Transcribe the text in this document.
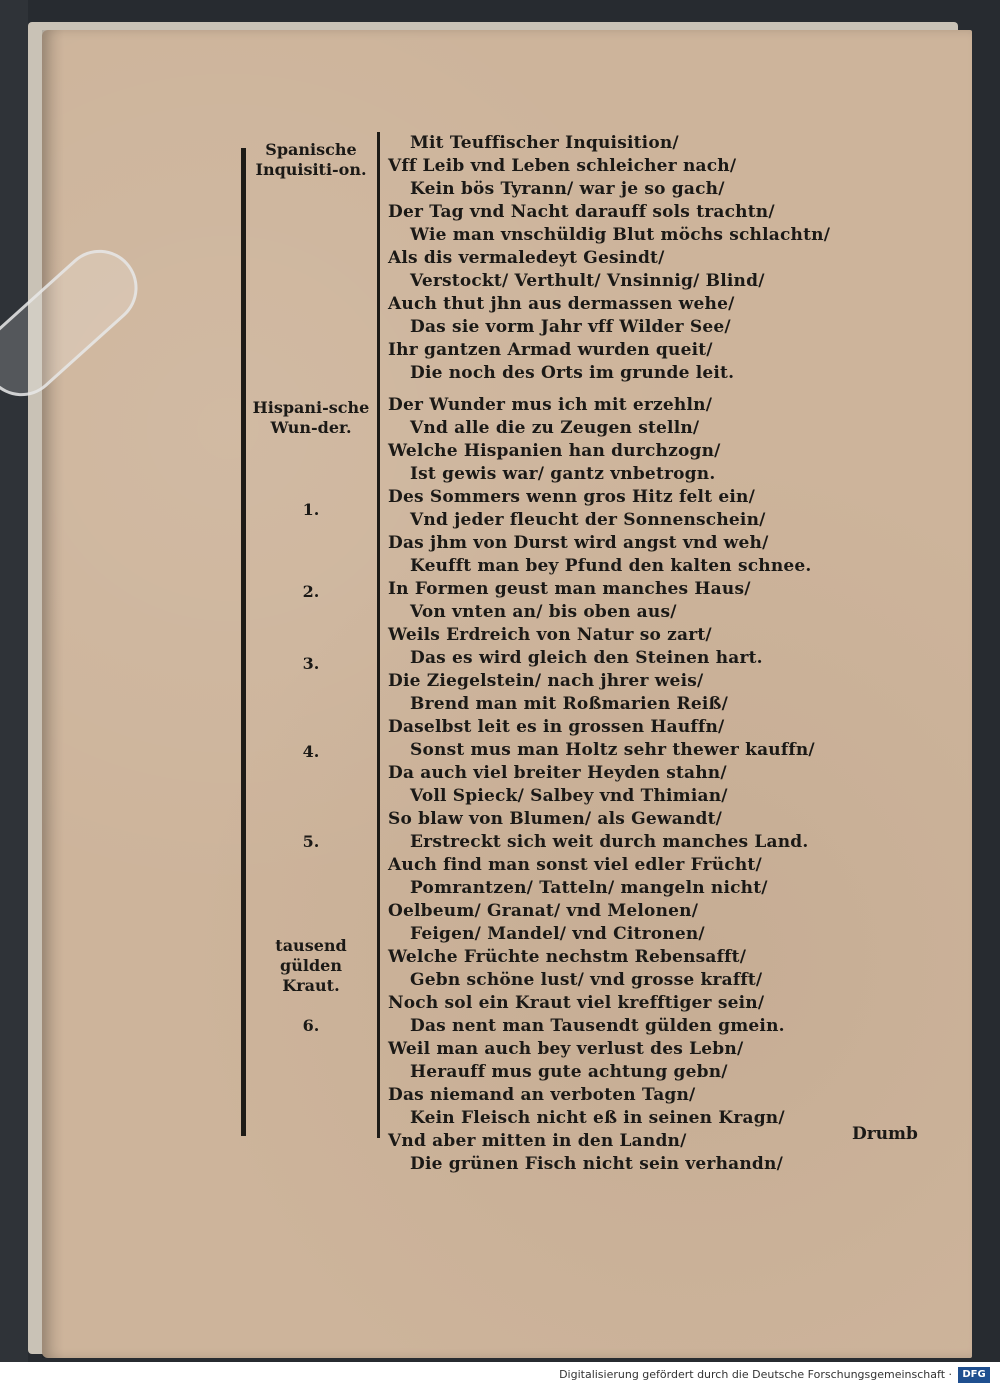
Spanische Inquisiti-on.
Hispani-sche Wun-der.
1.
2.
3.
4.
5.
tausend gülden Kraut.
6.
Mit Teuffischer Inquisition/
Vff Leib vnd Leben schleicher nach/
Kein bös Tyrann/ war je so gach/
Der Tag vnd Nacht darauff sols trachtn/
Wie man vnschüldig Blut möchs schlachtn/
Als dis vermaledeyt Gesindt/
Verstockt/ Verthult/ Vnsinnig/ Blind/
Auch thut jhn aus dermassen wehe/
Das sie vorm Jahr vff Wilder See/
Ihr gantzen Armad wurden queit/
Die noch des Orts im grunde leit.
Der Wunder mus ich mit erzehln/
Vnd alle die zu Zeugen stelln/
Welche Hispanien han durchzogn/
Ist gewis war/ gantz vnbetrogn.
Des Sommers wenn gros Hitz felt ein/
Vnd jeder fleucht der Sonnenschein/
Das jhm von Durst wird angst vnd weh/
Keufft man bey Pfund den kalten schnee.
In Formen geust man manches Haus/
Von vnten an/ bis oben aus/
Weils Erdreich von Natur so zart/
Das es wird gleich den Steinen hart.
Die Ziegelstein/ nach jhrer weis/
Brend man mit Roßmarien Reiß/
Daselbst leit es in grossen Hauffn/
Sonst mus man Holtz sehr thewer kauffn/
Da auch viel breiter Heyden stahn/
Voll Spieck/ Salbey vnd Thimian/
So blaw von Blumen/ als Gewandt/
Erstreckt sich weit durch manches Land.
Auch find man sonst viel edler Frücht/
Pomrantzen/ Tatteln/ mangeln nicht/
Oelbeum/ Granat/ vnd Melonen/
Feigen/ Mandel/ vnd Citronen/
Welche Früchte nechstm Rebensafft/
Gebn schöne lust/ vnd grosse krafft/
Noch sol ein Kraut viel krefftiger sein/
Das nent man Tausendt gülden gmein.
Weil man auch bey verlust des Lebn/
Herauff mus gute achtung gebn/
Das niemand an verboten Tagn/
Kein Fleisch nicht eß in seinen Kragn/
Vnd aber mitten in den Landn/
Die grünen Fisch nicht sein verhandn/
Drumb
Digitalisierung gefördert durch die Deutsche Forschungsgemeinschaft ·	DFG
